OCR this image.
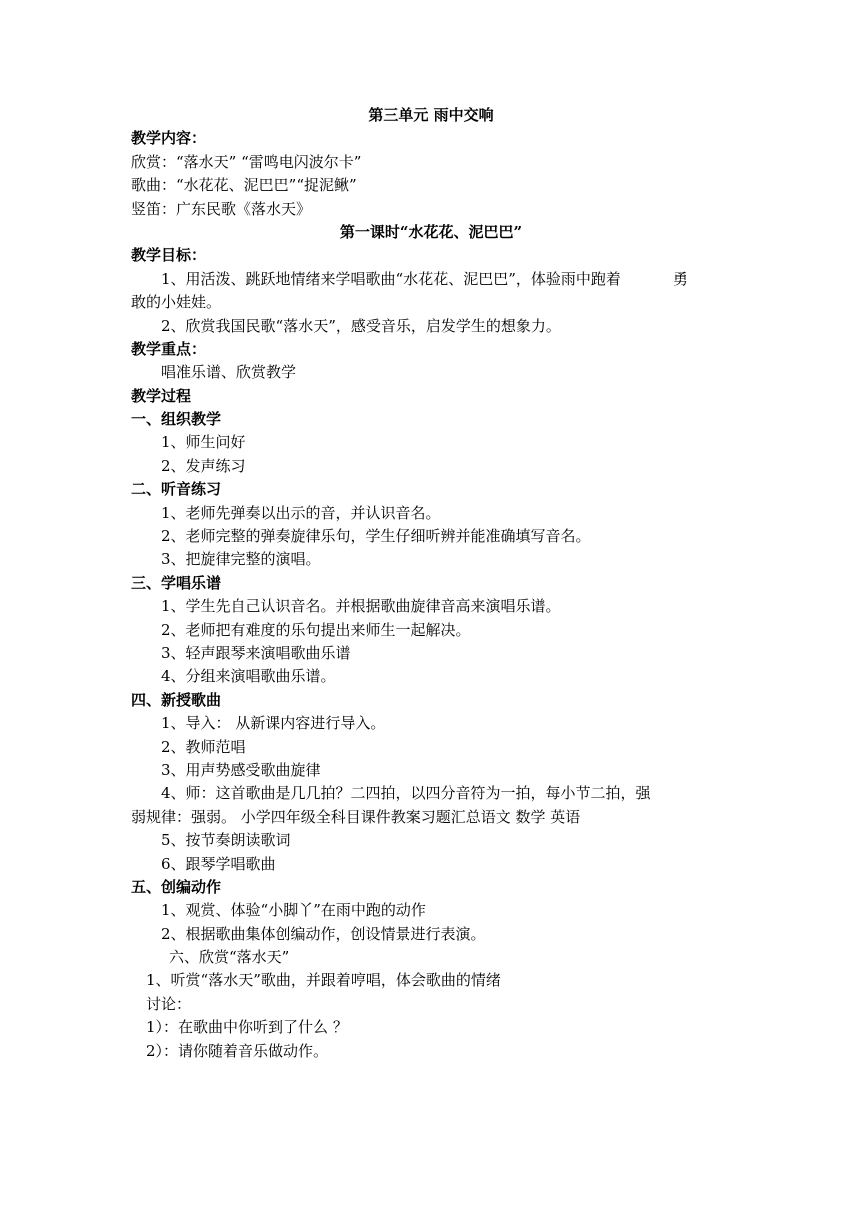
第三单元 雨中交响
教学内容：
欣赏：“落水天” “雷鸣电闪波尔卡”
歌曲：“水花花、泥巴巴”“捉泥鳅”
竖笛：广东民歌《落水天》
第一课时“水花花、泥巴巴”
教学目标：
1、用活泼、跳跃地情绪来学唱歌曲“水花花、泥巴巴”，体验雨中跑着	勇
敢的小娃娃。
2、欣赏我国民歌“落水天”，感受音乐，启发学生的想象力。
教学重点：
唱准乐谱、欣赏教学
教学过程
一、组织教学
1、师生问好
2、发声练习
二、听音练习
1、老师先弹奏以出示的音，并认识音名。
2、老师完整的弹奏旋律乐句，学生仔细听辨并能准确填写音名。
3、把旋律完整的演唱。
三、学唱乐谱
1、学生先自己认识音名。并根据歌曲旋律音高来演唱乐谱。
2、老师把有难度的乐句提出来师生一起解决。
3、轻声跟琴来演唱歌曲乐谱
4、分组来演唱歌曲乐谱。
四、新授歌曲
1、导入： 从新课内容进行导入。
2、教师范唱
3、用声势感受歌曲旋律
4、师：这首歌曲是几几拍？二四拍，以四分音符为一拍，每小节二拍，强
弱规律：强弱。 小学四年级全科目课件教案习题汇总语文 数学 英语
5、按节奏朗读歌词
6、跟琴学唱歌曲
五、创编动作
1、观赏、体验“小脚丫”在雨中跑的动作
2、根据歌曲集体创编动作，创设情景进行表演。
六、欣赏“落水天”
1、听赏“落水天”歌曲，并跟着哼唱，体会歌曲的情绪
讨论：
1）：在歌曲中你听到了什么 ？
2）：请你随着音乐做动作。
